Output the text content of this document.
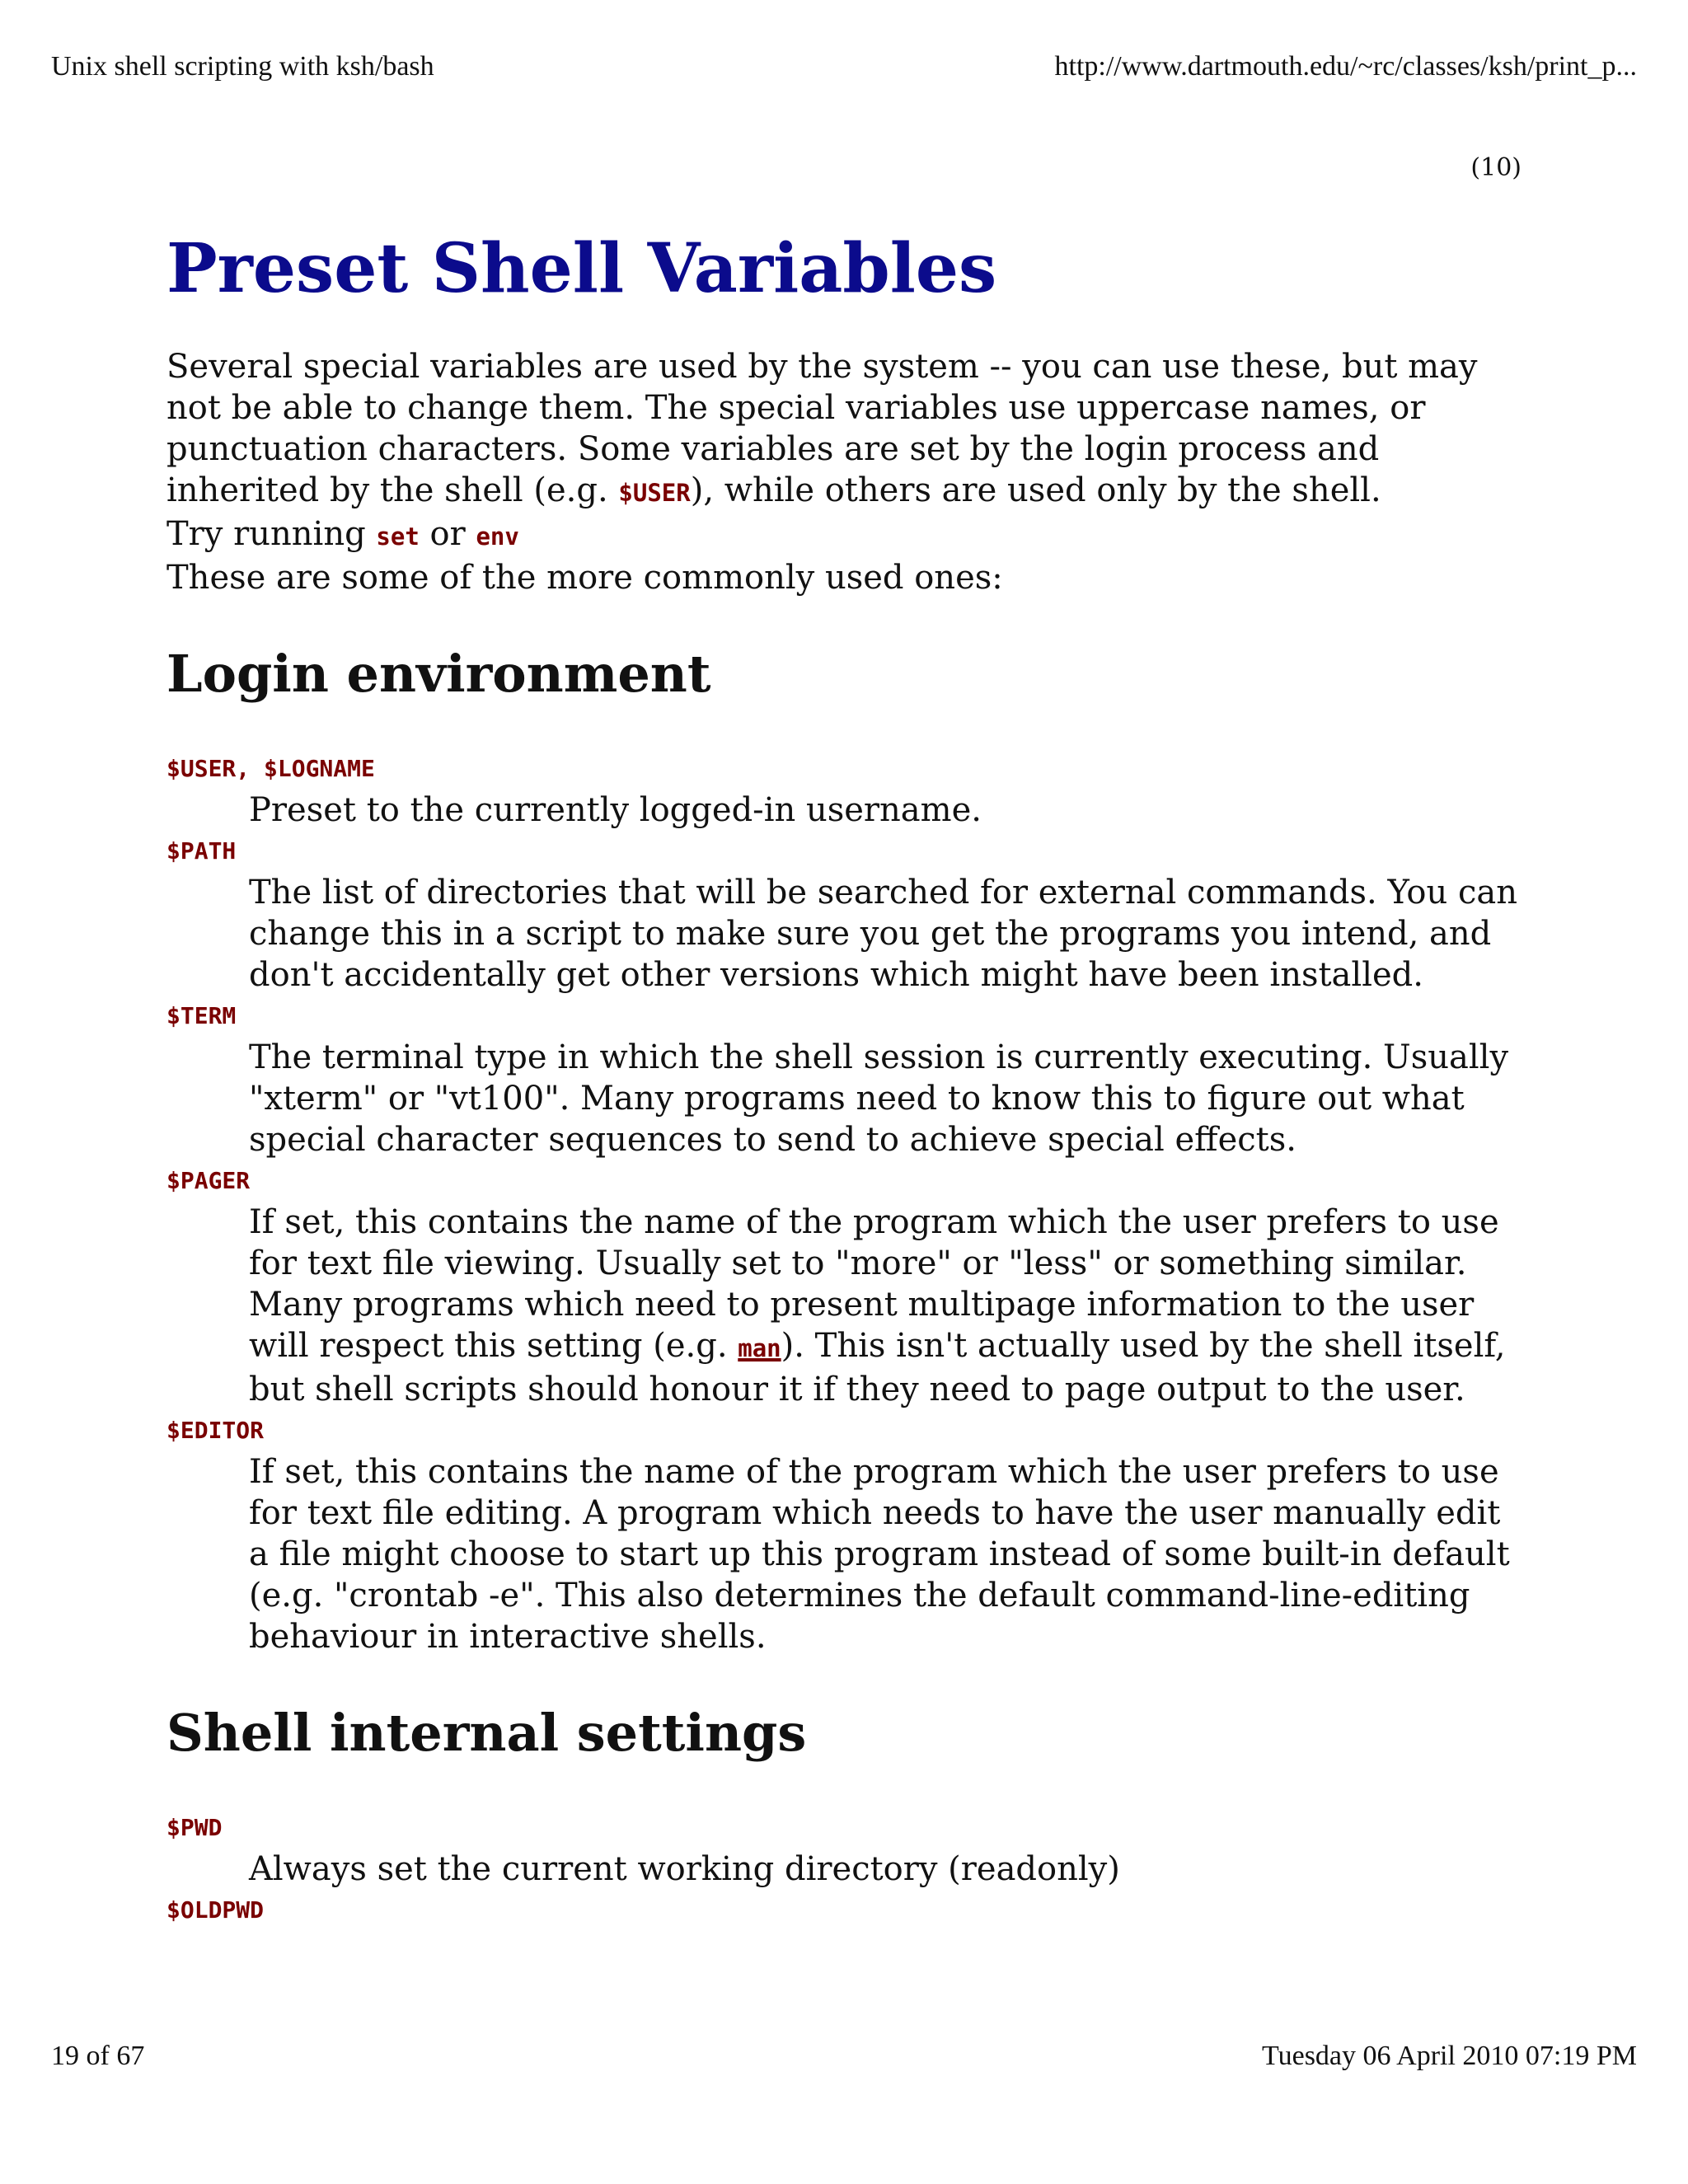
Unix shell scripting with ksh/bash	http://www.dartmouth.edu/~rc/classes/ksh/print_p...
(10)
Preset Shell Variables
Several special variables are used by the system -- you can use these, but may not be able to change them. The special variables use uppercase names, or punctuation characters. Some variables are set by the login process and inherited by the shell (e.g. $USER), while others are used only by the shell.
Try running set or env
These are some of the more commonly used ones:
Login environment
$USER, $LOGNAME
Preset to the currently logged-in username.
$PATH
The list of directories that will be searched for external commands. You can change this in a script to make sure you get the programs you intend, and don't accidentally get other versions which might have been installed.
$TERM
The terminal type in which the shell session is currently executing. Usually "xterm" or "vt100". Many programs need to know this to figure out what special character sequences to send to achieve special effects.
$PAGER
If set, this contains the name of the program which the user prefers to use for text file viewing. Usually set to "more" or "less" or something similar. Many programs which need to present multipage information to the user will respect this setting (e.g. man). This isn't actually used by the shell itself, but shell scripts should honour it if they need to page output to the user.
$EDITOR
If set, this contains the name of the program which the user prefers to use for text file editing. A program which needs to have the user manually edit a file might choose to start up this program instead of some built-in default (e.g. "crontab -e". This also determines the default command-line-editing behaviour in interactive shells.
Shell internal settings
$PWD
Always set the current working directory (readonly)
$OLDPWD
19 of 67	Tuesday 06 April 2010 07:19 PM
